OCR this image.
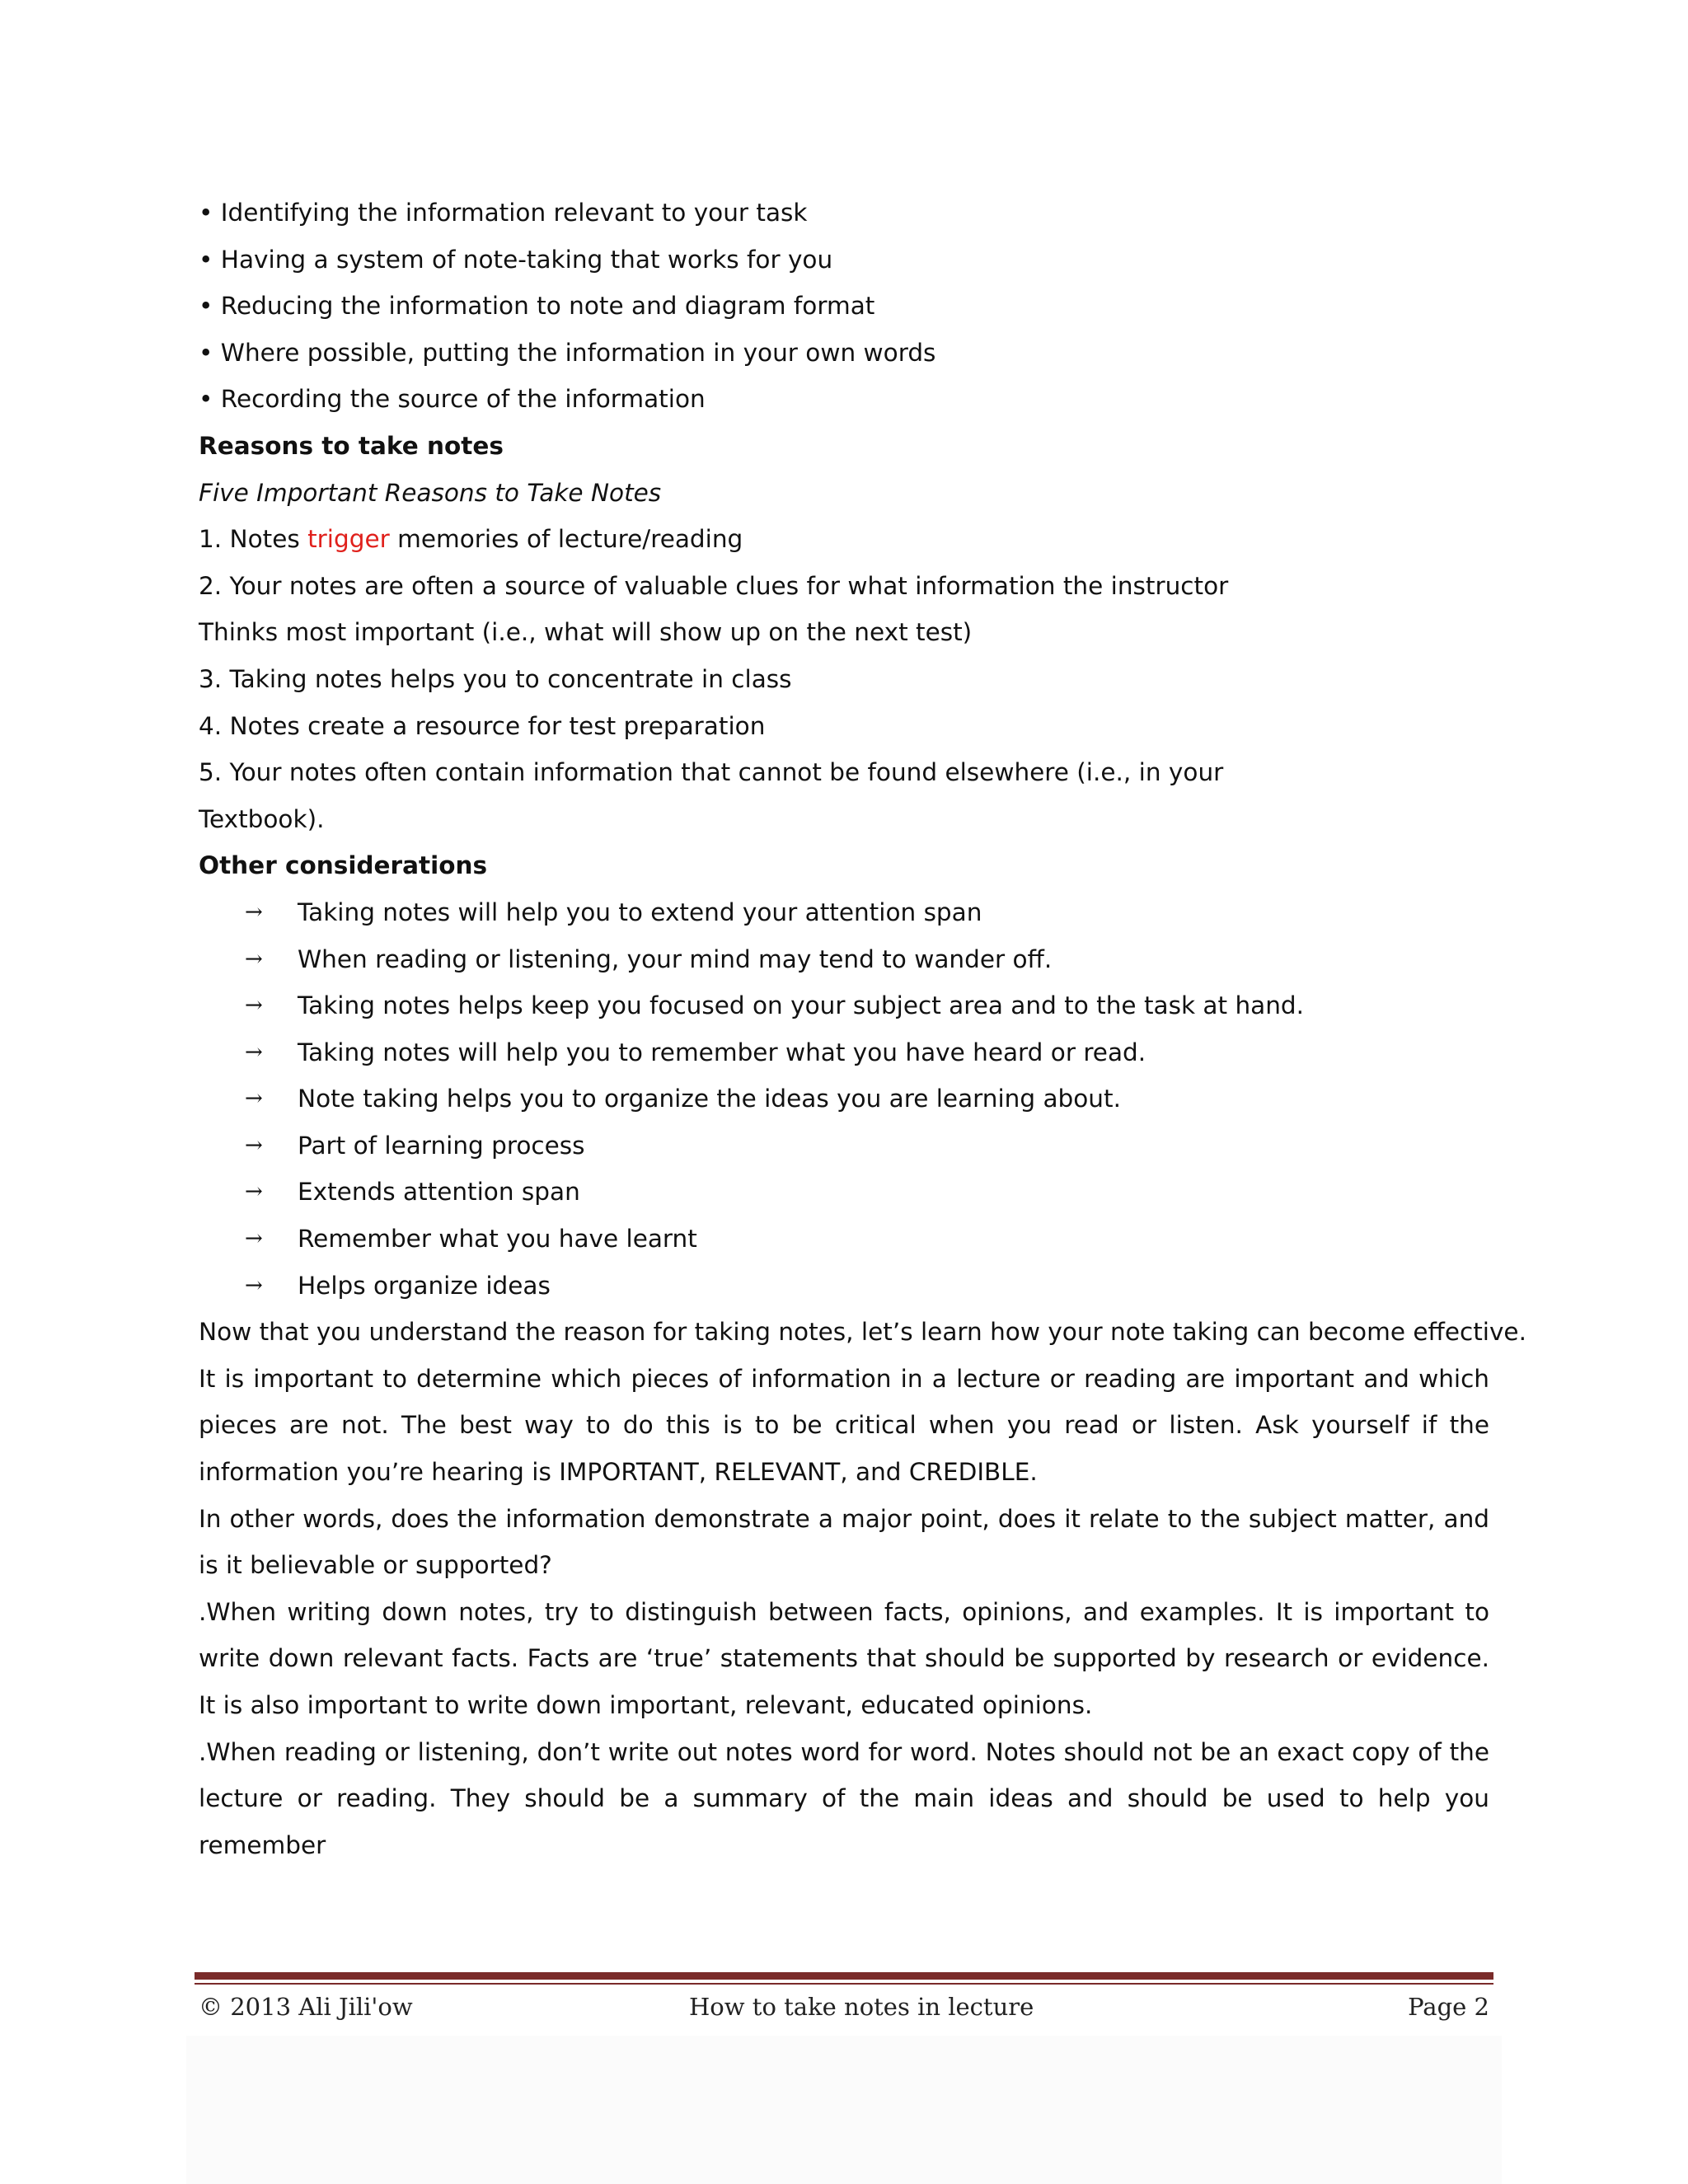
• Identifying the information relevant to your task
• Having a system of note-taking that works for you
• Reducing the information to note and diagram format
• Where possible, putting the information in your own words
• Recording the source of the information
Reasons to take notes
Five Important Reasons to Take Notes
1. Notes trigger memories of lecture/reading
2. Your notes are often a source of valuable clues for what information the instructor
Thinks most important (i.e., what will show up on the next test)
3. Taking notes helps you to concentrate in class
4. Notes create a resource for test preparation
5. Your notes often contain information that cannot be found elsewhere (i.e., in your
Textbook).
Other considerations
→ Taking notes will help you to extend your attention span
→ When reading or listening, your mind may tend to wander off.
→ Taking notes helps keep you focused on your subject area and to the task at hand.
→ Taking notes will help you to remember what you have heard or read.
→ Note taking helps you to organize the ideas you are learning about.
→ Part of learning process
→ Extends attention span
→ Remember what you have learnt
→ Helps organize ideas
Now that you understand the reason for taking notes, let’s learn how your note taking can become effective.
It is important to determine which pieces of information in a lecture or reading are important and which pieces are not. The best way to do this is to be critical when you read or listen. Ask yourself if the information you’re hearing is IMPORTANT, RELEVANT, and CREDIBLE.
In other words, does the information demonstrate a major point, does it relate to the subject matter, and is it believable or supported?
.When writing down notes, try to distinguish between facts, opinions, and examples. It is important to write down relevant facts. Facts are ‘true’ statements that should be supported by research or evidence. It is also important to write down important, relevant, educated opinions.
.When reading or listening, don’t write out notes word for word. Notes should not be an exact copy of the lecture or reading. They should be a summary of the main ideas and should be used to help you remember
© 2013 Ali Jili'ow	How to take notes in lecture	Page 2
